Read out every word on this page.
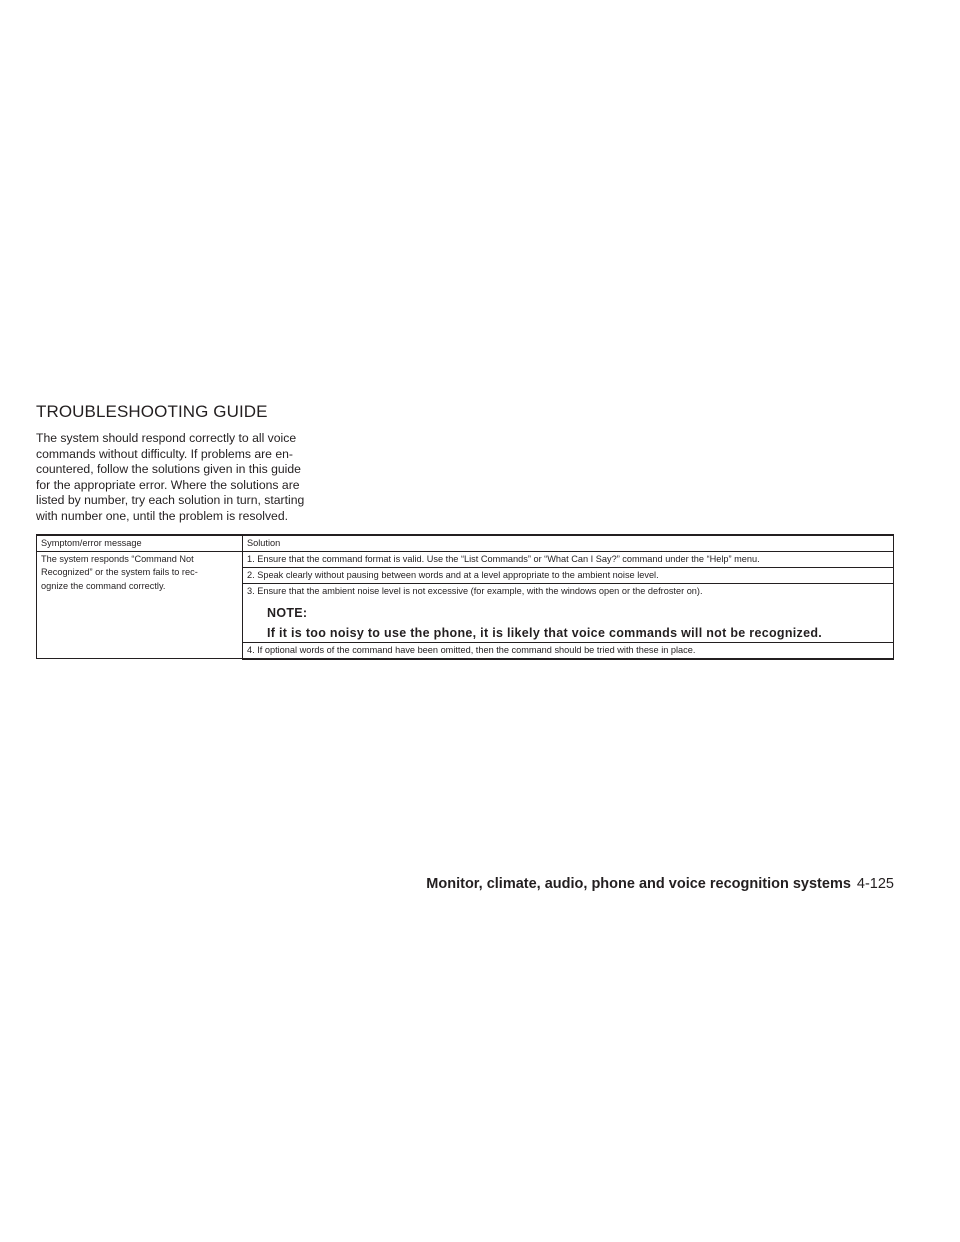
TROUBLESHOOTING GUIDE

The system should respond correctly to all voice
commands without difficulty. If problems are en-
countered, follow the solutions given in this guide
for the appropriate error. Where the solutions are
listed by number, try each solution in turn, starting
with number one, until the problem is resolved.

Symptom/error message	Solution
The system responds “Command Not
Recognized” or the system fails to rec-
ognize the command correctly.	1. Ensure that the command format is valid. Use the “List Commands” or “What Can I Say?” command under the “Help” menu.
	2. Speak clearly without pausing between words and at a level appropriate to the ambient noise level.

	3. Ensure that the ambient noise level is not excessive (for example, with the windows open or the defroster on).
NOTE:
If it is too noisy to use the phone, it is likely that voice commands will not be recognized.

	4. If optional words of the command have been omitted, then the command should be tried with these in place.
Monitor, climate, audio, phone and voice recognition systems 4-125
